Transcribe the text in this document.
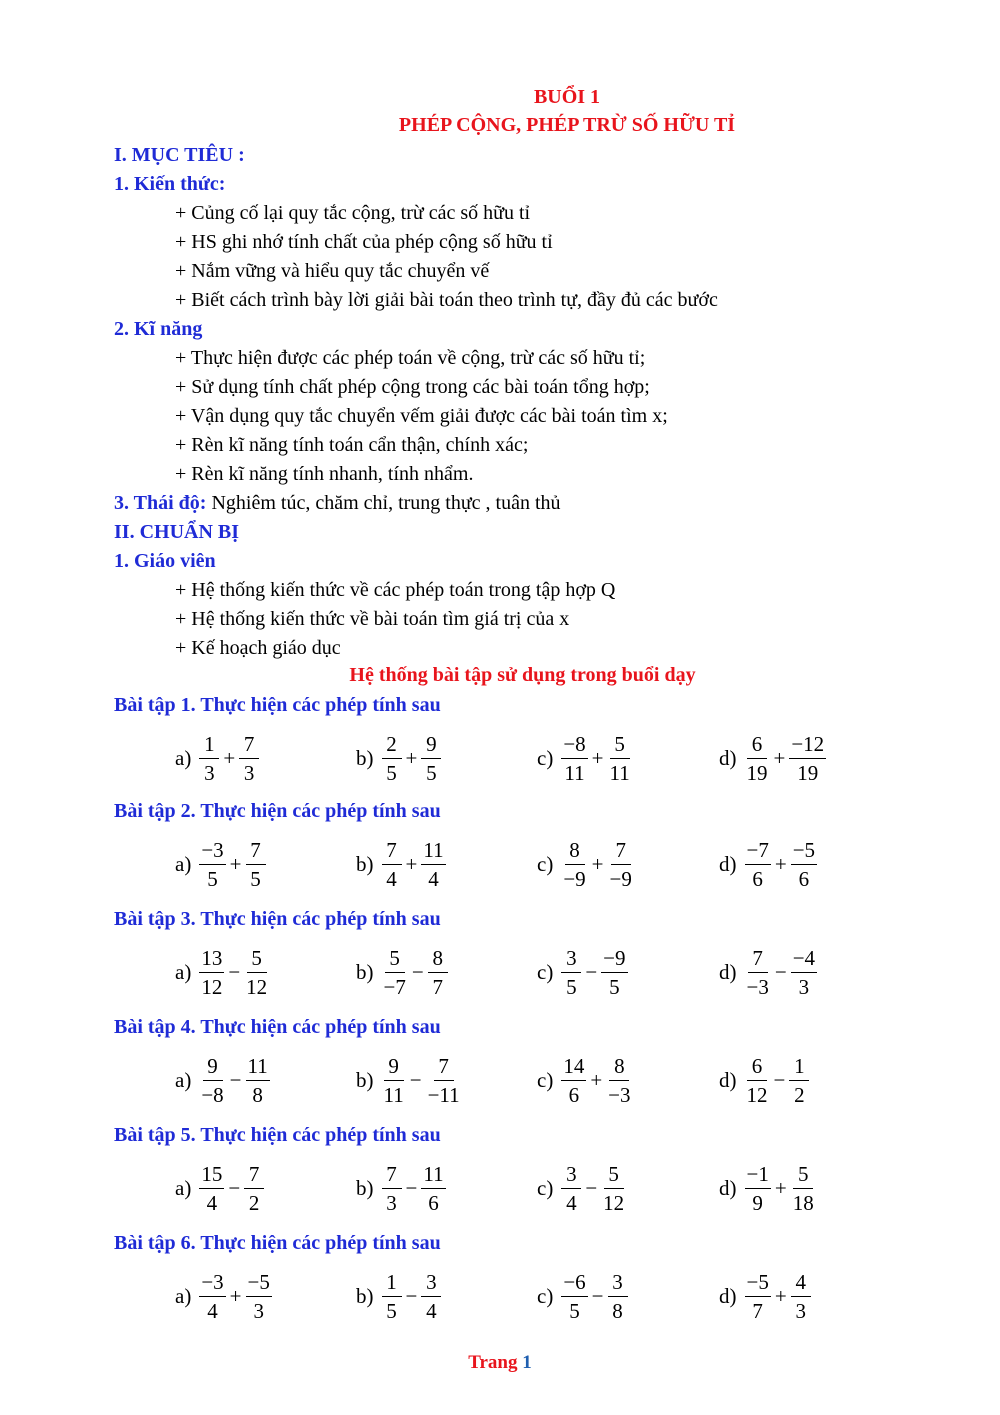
BUỔI 1
PHÉP CỘNG, PHÉP TRỪ SỐ HỮU TỈ
I. MỤC TIÊU :
1. Kiến thức:
+ Củng cố lại quy tắc cộng, trừ các số hữu tỉ
+ HS ghi nhớ tính chất của phép cộng số hữu tỉ
+ Nắm vững và hiểu quy tắc chuyển vế
+ Biết cách trình bày lời giải bài toán theo trình tự, đầy đủ các bước
2. Kĩ năng
+ Thực hiện được các phép toán về cộng, trừ các số hữu tỉ;
+ Sử dụng tính chất phép cộng trong các bài toán tổng hợp;
+ Vận dụng quy tắc chuyển vếm giải được các bài toán tìm x;
+ Rèn kĩ năng tính toán cẩn thận, chính xác;
+ Rèn kĩ năng tính nhanh, tính nhẩm.
3. Thái độ: Nghiêm túc, chăm chỉ, trung thực , tuân thủ
II. CHUẨN BỊ
1. Giáo viên
+ Hệ thống kiến thức về các phép toán trong tập hợp Q
+ Hệ thống kiến thức về bài toán tìm giá trị của x
+ Kế hoạch giáo dục
Hệ thống bài tập sử dụng trong buổi dạy
Bài tập 1. Thực hiện các phép tính sau
$a) \frac{1}{3} + \frac{7}{3}$	$b) \frac{2}{5} + \frac{9}{5}$	$c) \frac{-8}{11} + \frac{5}{11}$	$d) \frac{6}{19} + \frac{-12}{19}$
Bài tập 2. Thực hiện các phép tính sau
$a) \frac{-3}{5} + \frac{7}{5}$	$b) \frac{7}{4} + \frac{11}{4}$	$c) \frac{8}{-9} + \frac{7}{-9}$	$d) \frac{-7}{6} + \frac{-5}{6}$
Bài tập 3. Thực hiện các phép tính sau
$a) \frac{13}{12} - \frac{5}{12}$	$b) \frac{5}{-7} - \frac{8}{7}$	$c) \frac{3}{5} - \frac{-9}{5}$	$d) \frac{7}{-3} - \frac{-4}{3}$
Bài tập 4. Thực hiện các phép tính sau
$a) \frac{9}{-8} - \frac{11}{8}$	$b) \frac{9}{11} - \frac{7}{-11}$	$c) \frac{14}{6} + \frac{8}{-3}$	$d) \frac{6}{12} - \frac{1}{2}$
Bài tập 5. Thực hiện các phép tính sau
$a) \frac{15}{4} - \frac{7}{2}$	$b) \frac{7}{3} - \frac{11}{6}$	$c) \frac{3}{4} - \frac{5}{12}$	$d) \frac{-1}{9} + \frac{5}{18}$
Bài tập 6. Thực hiện các phép tính sau
$a) \frac{-3}{4} + \frac{-5}{3}$	$b) \frac{1}{5} - \frac{3}{4}$	$c) \frac{-6}{5} - \frac{3}{8}$	$d) \frac{-5}{7} + \frac{4}{3}$
Trang 1
